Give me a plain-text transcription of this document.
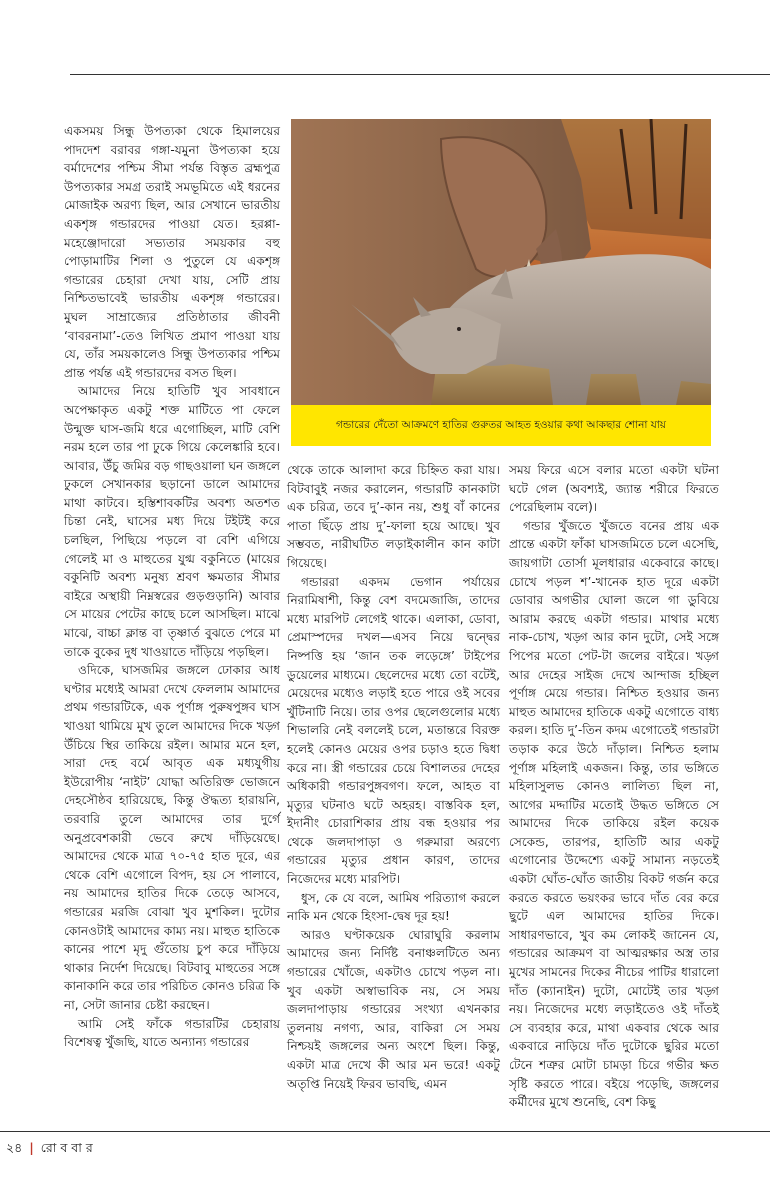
একসময় সিন্ধু উপত্যকা থেকে হিমালয়ের পাদদেশ বরাবর গঙ্গা-যমুনা উপত্যকা হয়ে বর্মাদেশের পশ্চিম সীমা পর্যন্ত বিস্তৃত ব্রহ্মপুত্র উপত্যকার সমগ্র তরাই সমভূমিতে এই ধরনের মোজাইক অরণ্য ছিল, আর সেখানে ভারতীয় একশৃঙ্গ গন্ডারদের পাওয়া যেত। হরপ্পা-মহেঞ্জোদারো সভ্যতার সময়কার বহু পোড়ামাটির শিলা ও পুতুলে যে একশৃঙ্গ গন্ডারের চেহারা দেখা যায়, সেটি প্রায় নিশ্চিতভাবেই ভারতীয় একশৃঙ্গ গন্ডারের। মুঘল সাম্রাজ্যের প্রতিষ্ঠাতার জীবনী ‘বাবরনামা’-তেও লিখিত প্রমাণ পাওয়া যায় যে, তাঁর সময়কালেও সিন্ধু উপত্যকার পশ্চিম প্রান্ত পর্যন্ত এই গন্ডারদের বসত ছিল।

আমাদের নিয়ে হাতিটি খুব সাবধানে অপেক্ষাকৃত একটু শক্ত মাটিতে পা ফেলে উন্মুক্ত ঘাস-জমি ধরে এগোচ্ছিল, মাটি বেশি নরম হলে তার পা ঢুকে গিয়ে কেলেঙ্কারি হবে। আবার, উঁচু জমির বড় গাছওয়ালা ঘন জঙ্গলে ঢুকলে সেখানকার ছড়ানো ডালে আমাদের মাথা কাটবে। হস্তিশাবকটির অবশ্য অতশত চিন্তা নেই, ঘাসের মধ্য দিয়ে টইটই করে চলছিল, পিছিয়ে পড়লে বা বেশি এগিয়ে গেলেই মা ও মাহুতের যুগ্ম বকুনিতে (মায়ের বকুনিটি অবশ্য মনুষ্য শ্রবণ ক্ষমতার সীমার বাইরে অস্থায়ী নিম্নস্বরের গুড়গুড়ানি) আবার সে মায়ের পেটের কাছে চলে আসছিল। মাঝে মাঝে, বাচ্চা ক্লান্ত বা তৃষ্ণার্ত বুঝতে পেরে মা তাকে বুকের দুধ খাওয়াতে দাঁড়িয়ে পড়ছিল।

ওদিকে, ঘাসজমির জঙ্গলে ঢোকার আধ ঘণ্টার মধ্যেই আমরা দেখে ফেললাম আমাদের প্রথম গন্ডারটিকে, এক পূর্ণাঙ্গ পুরুষপুঙ্গব ঘাস খাওয়া থামিয়ে মুখ তুলে আমাদের দিকে খড়্গ উঁচিয়ে স্থির তাকিয়ে রইল। আমার মনে হল, সারা দেহ বর্মে আবৃত এক মধ্যযুগীয় ইউরোপীয় ‘নাইট’ যোদ্ধা অতিরিক্ত ভোজনে দেহসৌষ্ঠব হারিয়েছে, কিন্তু ঔদ্ধত্য হারায়নি, তরবারি তুলে আমাদের তার দুর্গে অনুপ্রবেশকারী ভেবে রুখে দাঁড়িয়েছে। আমাদের থেকে মাত্র ৭০-৭৫ হাত দূরে, এর থেকে বেশি এগোলে বিপদ, হয় সে পালাবে, নয় আমাদের হাতির দিকে তেড়ে আসবে, গন্ডারের মরজি বোঝা খুব মুশকিল। দুটোর কোনওটাই আমাদের কাম্য নয়। মাহুত হাতিকে কানের পাশে মৃদু গুঁতোয় চুপ করে দাঁড়িয়ে থাকার নির্দেশ দিয়েছে। বিটবাবু মাহুতের সঙ্গে কানাকানি করে তার পরিচিত কোনও চরিত্র কি না, সেটা জানার চেষ্টা করছেন।

আমি সেই ফাঁকে গন্ডারটির চেহারায় বিশেষত্ব খুঁজছি, যাতে অন্যান্য গন্ডারের

গন্ডারের দেঁতো আক্রমণে হাতির গুরুতর আহত হওয়ার কথা আকছার শোনা যায়

থেকে তাকে আলাদা করে চিহ্নিত করা যায়। বিটবাবুই নজর করালেন, গন্ডারটি কানকাটা এক চরিত্র, তবে দু’-কান নয়, শুধু বাঁ কানের পাতা ছিঁড়ে প্রায় দু’-ফালা হয়ে আছে। খুব সম্ভবত, নারীঘটিত লড়াইকালীন কান কাটা গিয়েছে।

গন্ডাররা একদম ভেগান পর্যায়ের নিরামিষাশী, কিন্তু বেশ বদমেজাজি, তাদের মধ্যে মারপিট লেগেই থাকে। এলাকা, ডোবা, প্রেমাস্পদের দখল—এসব নিয়ে দ্বন্দ্বের নিষ্পত্তি হয় ‘জান তক লড়েঙ্গে’ টাইপের ডুয়েলের মাধ্যমে। ছেলেদের মধ্যে তো বটেই, মেয়েদের মধ্যেও লড়াই হতে পারে ওই সবের খুঁটিনাটি নিয়ে। তার ওপর ছেলেগুলোর মধ্যে শিভালরি নেই বললেই চলে, মতান্তরে বিরক্ত হলেই কোনও মেয়ের ওপর চড়াও হতে দ্বিধা করে না। স্ত্রী গন্ডারের চেয়ে বিশালতর দেহের অধিকারী গন্ডারপুঙ্গবগণ। ফলে, আহত বা মৃত্যুর ঘটনাও ঘটে অহরহ। বাস্তবিক হল, ইদানীং চোরাশিকার প্রায় বন্ধ হওয়ার পর থেকে জলদাপাড়া ও গরুমারা অরণ্যে গন্ডারের মৃত্যুর প্রধান কারণ, তাদের নিজেদের মধ্যে মারপিট।

ধুস, কে যে বলে, আমিষ পরিত্যাগ করলে নাকি মন থেকে হিংসা-দ্বেষ দূর হয়!

আরও ঘণ্টাকয়েক ঘোরাঘুরি করলাম আমাদের জন্য নির্দিষ্ট বনাঞ্চলটিতে অন্য গন্ডারের খোঁজে, একটাও চোখে পড়ল না। খুব একটা অস্বাভাবিক নয়, সে সময় জলদাপাড়ায় গন্ডারের সংখ্যা এখনকার তুলনায় নগণ্য, আর, বাকিরা সে সময় নিশ্চয়ই জঙ্গলের অন্য অংশে ছিল। কিন্তু, একটা মাত্র দেখে কী আর মন ভরে! একটু অতৃপ্তি নিয়েই ফিরব ভাবছি, এমন

সময় ফিরে এসে বলার মতো একটা ঘটনা ঘটে গেল (অবশ্যই, জ্যান্ত শরীরে ফিরতে পেরেছিলাম বলে)।

গন্ডার খুঁজতে খুঁজতে বনের প্রায় এক প্রান্তে একটা ফাঁকা ঘাসজমিতে চলে এসেছি, জায়গাটা তোর্সা মূলধারার একেবারে কাছে। চোখে পড়ল শ’-খানেক হাত দূরে একটা ডোবার অগভীর ঘোলা জলে গা ডুবিয়ে আরাম করছে একটা গন্ডার। মাথার মধ্যে নাক-চোখ, খড়্গ আর কান দুটো, সেই সঙ্গে পিপের মতো পেট-টা জলের বাইরে। খড়্গ আর দেহের সাইজ দেখে আন্দাজ হচ্ছিল পূর্ণাঙ্গ মেয়ে গন্ডার। নিশ্চিত হওয়ার জন্য মাহুত আমাদের হাতিকে একটু এগোতে বাধ্য করল। হাতি দু’-তিন কদম এগোতেই গন্ডারটা তড়াক করে উঠে দাঁড়াল। নিশ্চিত হলাম পূর্ণাঙ্গ মহিলাই একজন। কিন্তু, তার ভঙ্গিতে মহিলাসুলভ কোনও লালিত্য ছিল না, আগের মদ্দাটির মতোই উদ্ধত ভঙ্গিতে সে আমাদের দিকে তাকিয়ে রইল কয়েক সেকেন্ড, তারপর, হাতিটি আর একটু এগোনোর উদ্দেশ্যে একটু সামান্য নড়তেই একটা ঘোঁত-ঘোঁত জাতীয় বিকট গর্জন করে করতে করতে ভয়ংকর ভাবে দাঁত বের করে ছুটে এল আমাদের হাতির দিকে। সাধারণভাবে, খুব কম লোকই জানেন যে, গন্ডারের আক্রমণ বা আত্মরক্ষার অস্ত্র তার মুখের সামনের দিকের নীচের পাটির ধারালো দাঁত (ক্যানাইন) দুটো, মোটেই তার খড়্গ নয়। নিজেদের মধ্যে লড়াইতেও ওই দাঁতই সে ব্যবহার করে, মাথা একবার থেকে আর একবারে নাড়িয়ে দাঁত দুটোকে ছুরির মতো টেনে শত্রুর মোটা চামড়া চিরে গভীর ক্ষত সৃষ্টি করতে পারে। বইয়ে পড়েছি, জঙ্গলের কর্মীদের মুখে শুনেছি, বেশ কিছু

২৪ | রো ব বা র
